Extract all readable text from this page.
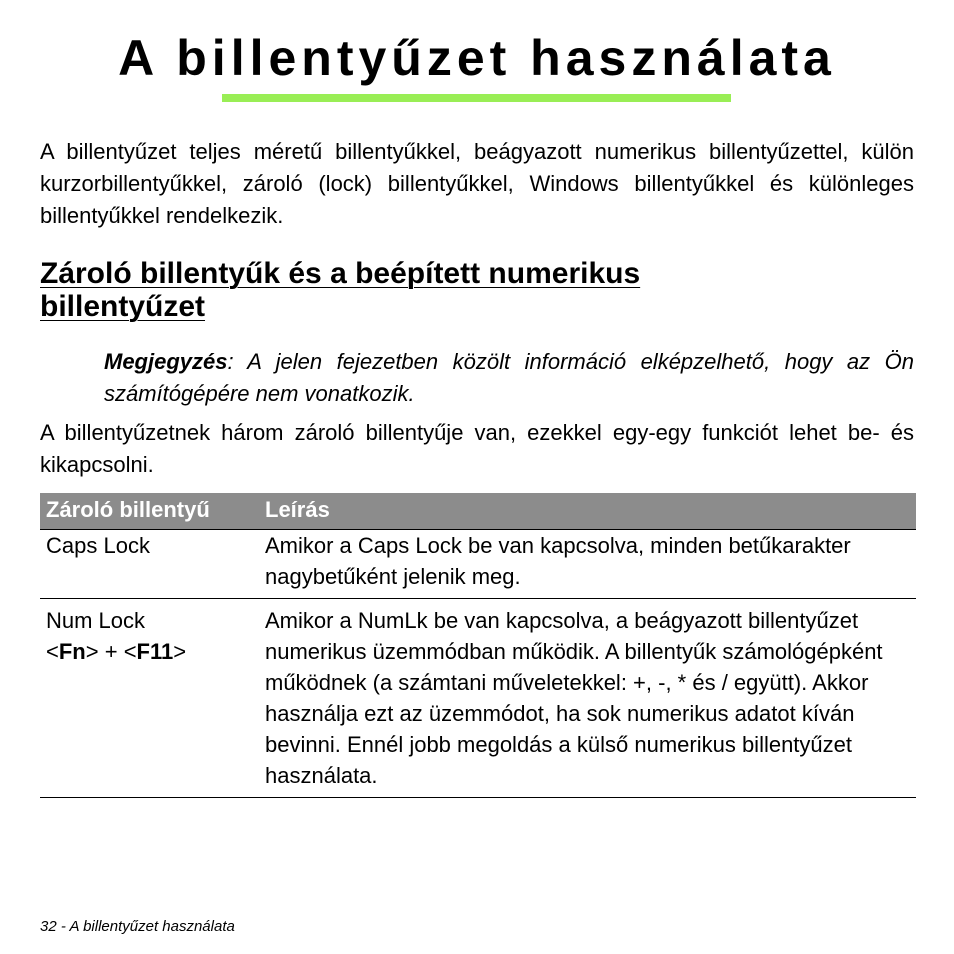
A billentyűzet használata

A billentyűzet teljes méretű billentyűkkel, beágyazott numerikus billentyűzettel, külön kurzorbillentyűkkel, zároló (lock) billentyűkkel, Windows billentyűkkel és különleges billentyűkkel rendelkezik.

Zároló billentyűk és a beépített numerikus billentyűzet

Megjegyzés: A jelen fejezetben közölt információ elképzelhető, hogy az Ön számítógépére nem vonatkozik.

A billentyűzetnek három zároló billentyűje van, ezekkel egy-egy funkciót lehet be- és kikapcsolni.

Zároló billentyű	Leírás
Caps Lock	Amikor a Caps Lock be van kapcsolva, minden betűkarakter nagybetűként jelenik meg.
Num Lock
<Fn> + <F11>	Amikor a NumLk be van kapcsolva, a beágyazott billentyűzet numerikus üzemmódban működik. A billentyűk számológépként működnek (a számtani műveletekkel: +, -, * és / együtt). Akkor használja ezt az üzemmódot, ha sok numerikus adatot kíván bevinni. Ennél jobb megoldás a külső numerikus billentyűzet használata.

32 - A billentyűzet használata
